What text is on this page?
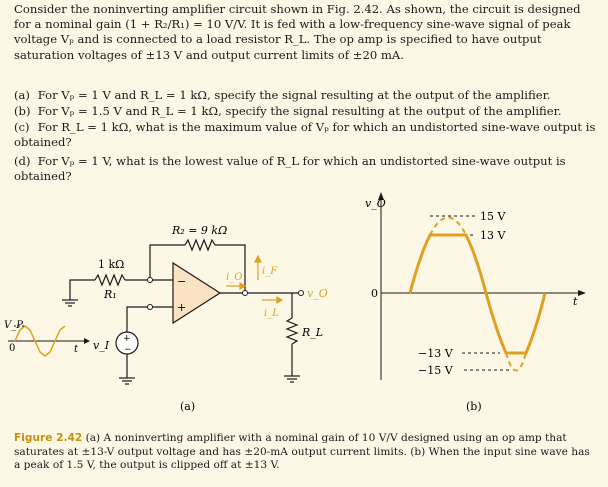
Consider the noninverting amplifier circuit shown in Fig. 2.42. As shown, the circuit is designed for a nominal gain (1 + R₂/R₁) = 10 V/V. It is fed with a low-frequency sine-wave signal of peak voltage Vₚ and is connected to a load resistor R_L. The op amp is specified to have output saturation voltages of ±13 V and output current limits of ±20 mA.
(a) For Vₚ = 1 V and R_L = 1 kΩ, specify the signal resulting at the output of the amplifier.
(b) For Vₚ = 1.5 V and R_L = 1 kΩ, specify the signal resulting at the output of the amplifier.
(c) For R_L = 1 kΩ, what is the maximum value of Vₚ for which an undistorted sine-wave output is obtained?
(d) For Vₚ = 1 V, what is the lowest value of R_L for which an undistorted sine-wave output is obtained?
−
+
+
−
R₂ = 9 kΩ
1 kΩ
R₁
i_O
i_F
i_L
v_O
R_L
v_I
V_P
0	t
(a)
v_O
15 V
13 V
0
−13 V
−15 V
t
(b)
Figure 2.42 (a) A noninverting amplifier with a nominal gain of 10 V/V designed using an op amp that saturates at ±13-V output voltage and has ±20-mA output current limits. (b) When the input sine wave has a peak of 1.5 V, the output is clipped off at ±13 V.
